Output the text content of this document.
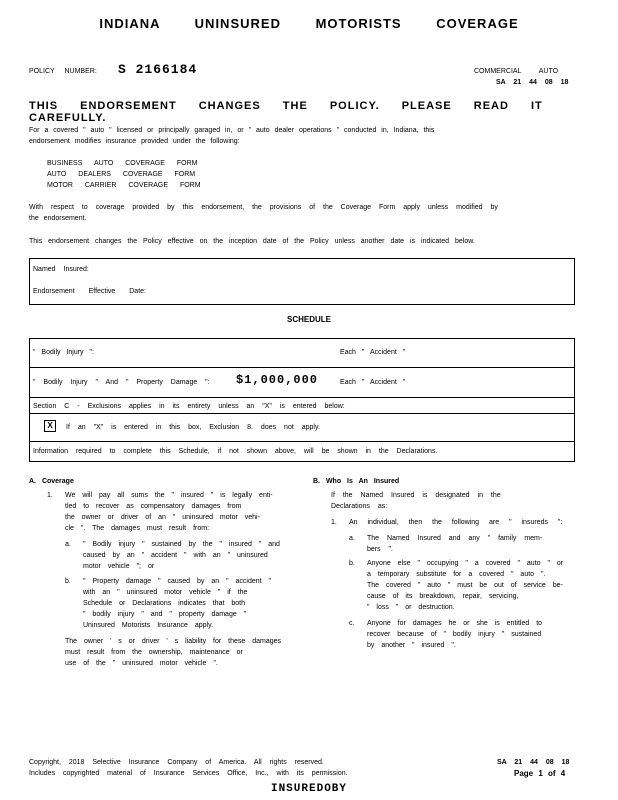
INDIANA UNINSURED MOTORISTS COVERAGE
POLICY NUMBER: S 2166184	COMMERCIAL AUTO
SA 21 44 08 18
THIS ENDORSEMENT CHANGES THE POLICY. PLEASE READ IT CAREFULLY.
For a covered " auto " licensed or principally garaged in, or " auto dealer operations " conducted in, Indiana, this
endorsement modifies insurance provided under the following:
BUSINESS AUTO COVERAGE FORM
AUTO DEALERS COVERAGE FORM
MOTOR CARRIER COVERAGE FORM
With respect to coverage provided by this endorsement, the provisions of the Coverage Form apply unless modified by
the endorsement.
This endorsement changes the Policy effective on the inception date of the Policy unless another date is indicated below.
Named Insured:
Endorsement Effective Date:
SCHEDULE
" Bodily Injury ":	Each " Accident "
" Bodily Injury " And " Property Damage ": $1,000,000	Each " Accident "
Section C - Exclusions applies in its entirety unless an "X" is entered below:
X	If an "X" is entered in this box, Exclusion 8. does not apply.
Information required to complete this Schedule, if not shown above, will be shown in the Declarations.
A. Coverage
1. We will pay all sums the " insured " is legally enti-
tled to recover as compensatory damages from
the owner or driver of an " uninsured motor vehi-
cle ". The damages must result from:
a. " Bodily injury " sustained by the " insured " and
caused by an " accident " with an " uninsured
motor vehicle "; or
b. " Property damage " caused by an " accident "
with an " uninsured motor vehicle " if the
Schedule or Declarations indicates that both
" bodily injury " and " property damage "
Uninsured Motorists Insurance apply.
The owner ' s or driver ' s liability for these damages
must result from the ownership, maintenance or
use of the " uninsured motor vehicle ".
B. Who Is An Insured
If the Named Insured is designated in the
Declarations as:
1. An individual, then the following are " insureds ":
a. The Named Insured and any " family mem-
bers ".
b. Anyone else " occupying " a covered " auto " or
a temporary substitute for a covered " auto ".
The covered " auto " must be out of service be-
cause of its breakdown, repair, servicing,
" loss " or destruction.
c. Anyone for damages he or she is entitled to
recover because of " bodily injury " sustained
by another " insured ".
Copyright, 2018 Selective Insurance Company of America. All rights reserved.
Includes copyrighted material of Insurance Services Office, Inc., with its permission.
SA 21 44 08 18
Page 1 of 4
INSUREDOBY
